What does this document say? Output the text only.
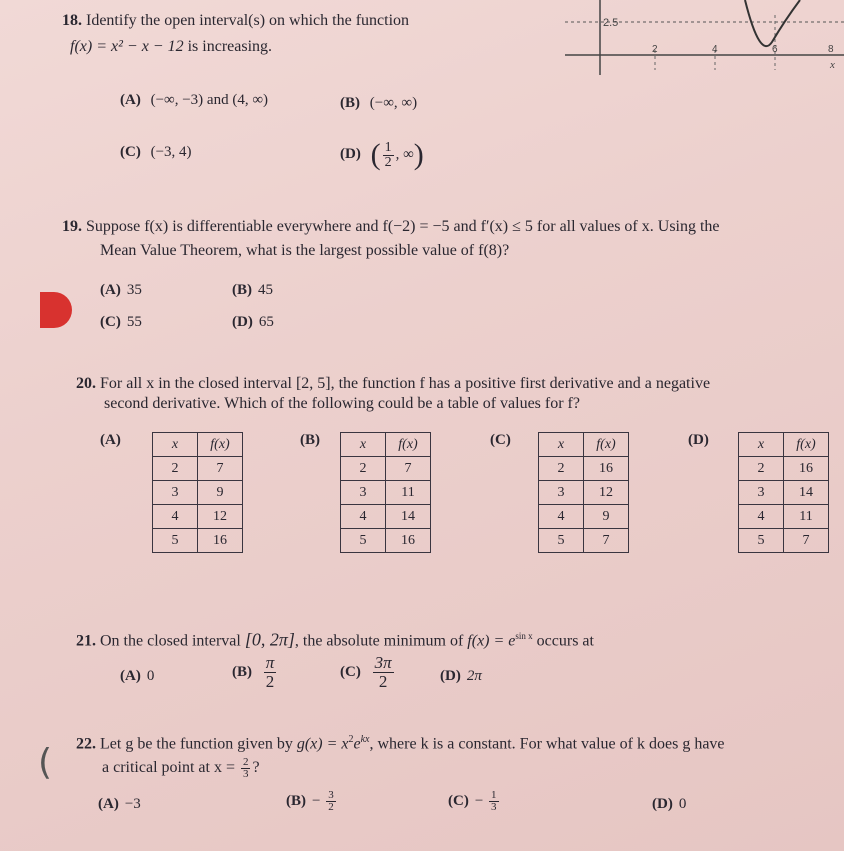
2.5
2	4	6	8
x
18. Identify the open interval(s) on which the function
f(x) = x² − x − 12 is increasing.
(A) (−∞, −3) and (4, ∞)	(B) (−∞, ∞)
(C) (−3, 4)	(D) ( $\frac{1}{2}$ , ∞)
19. Suppose f(x) is differentiable everywhere and f(−2) = −5 and f′(x) ≤ 5 for all values of x. Using the
Mean Value Theorem, what is the largest possible value of f(8)?
(A) 35	(B) 45
(C) 55	(D) 65
20. For all x in the closed interval [2, 5], the function f has a positive first derivative and a negative
second derivative. Which of the following could be a table of values for f?
(A)	x	f(x)
2	7
3	9
4	12
5	16
(B)	x	f(x)
2	7
3	11
4	14
5	16
(C)	x	f(x)
2	16
3	12
4	9
5	7
(D)	x	f(x)
2	16
3	14
4	11
5	7
21. On the closed interval [0, 2π], the absolute minimum of $f(x) = e^{sin x}$ occurs at
(A) 0	$(B) \frac{\pi}{2}$	$(C) \frac{3\pi}{2}$	(D) 2π
( 22. Let g be the function given by $g(x) = x^2e^{kx}$, where k is a constant. For what value of k does g have
a critical point at $x = \frac{2}{3}$ ?
(A) −3	$(B) - \frac{3}{2}$	$(C) - \frac{1}{3}$	(D) 0
